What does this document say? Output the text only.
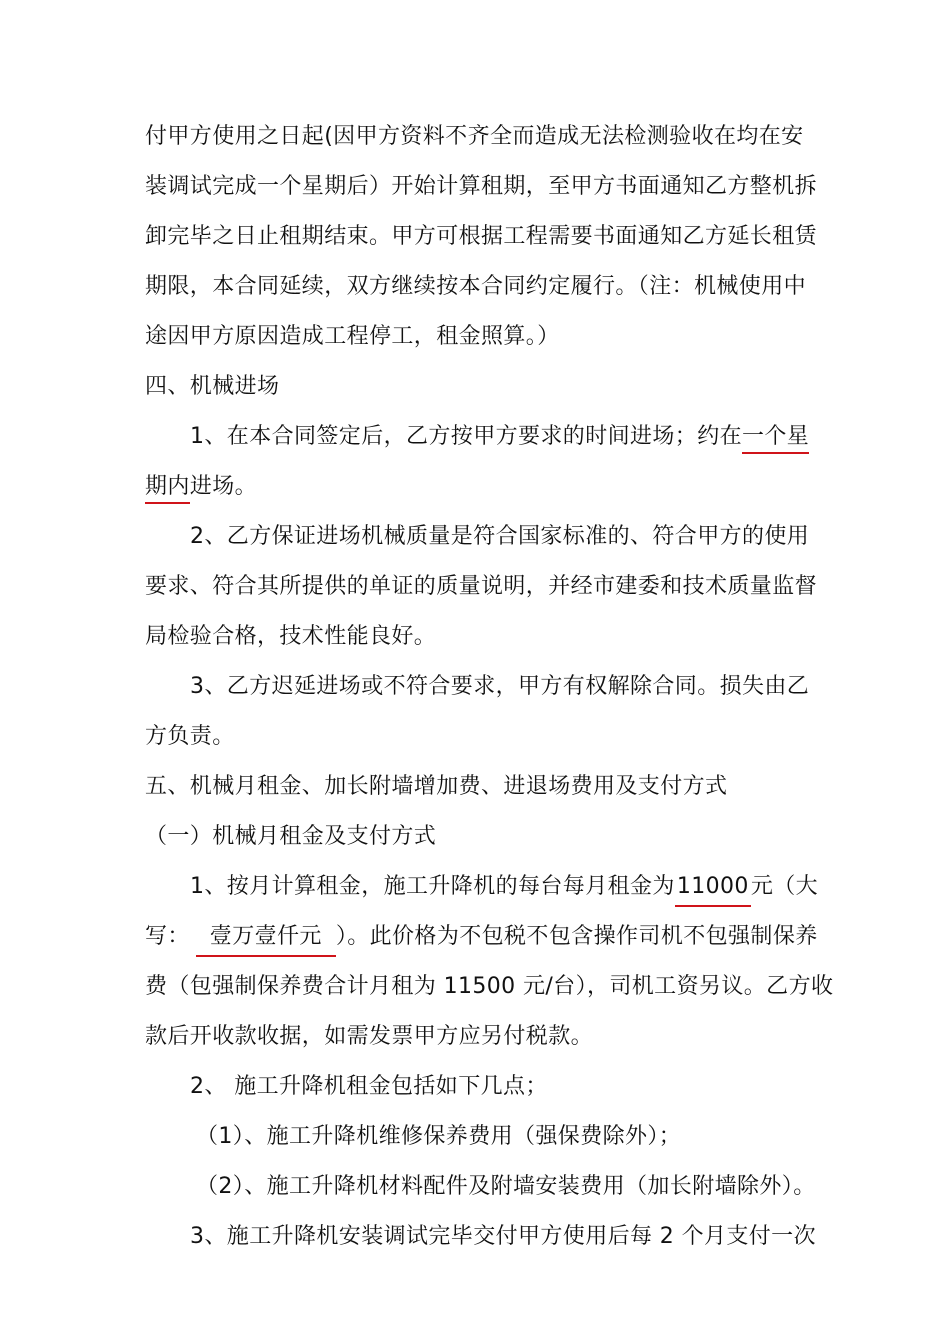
付甲方使用之日起(因甲方资料不齐全而造成无法检测验收在均在安
装调试完成一个星期后）开始计算租期，至甲方书面通知乙方整机拆
卸完毕之日止租期结束。甲方可根据工程需要书面通知乙方延长租赁
期限，本合同延续，双方继续按本合同约定履行。（注：机械使用中
途因甲方原因造成工程停工，租金照算。）
四、机械进场
1、在本合同签定后，乙方按甲方要求的时间进场；约在一个星
期内进场。
2、乙方保证进场机械质量是符合国家标准的、符合甲方的使用
要求、符合其所提供的单证的质量说明，并经市建委和技术质量监督
局检验合格，技术性能良好。
3、乙方迟延进场或不符合要求，甲方有权解除合同。损失由乙
方负责。
五、机械月租金、加长附墙增加费、进退场费用及支付方式
（一）机械月租金及支付方式
1、按月计算租金，施工升降机的每台每月租金为11000元（大
写： 壹万壹仟元 ）。此价格为不包税不包含操作司机不包强制保养
费（包强制保养费合计月租为 11500 元/台），司机工资另议。乙方收
款后开收款收据，如需发票甲方应另付税款。
2、 施工升降机租金包括如下几点；
（1）、施工升降机维修保养费用（强保费除外）；
（2）、施工升降机材料配件及附墙安装费用（加长附墙除外）。
3、施工升降机安装调试完毕交付甲方使用后每 2 个月支付一次
